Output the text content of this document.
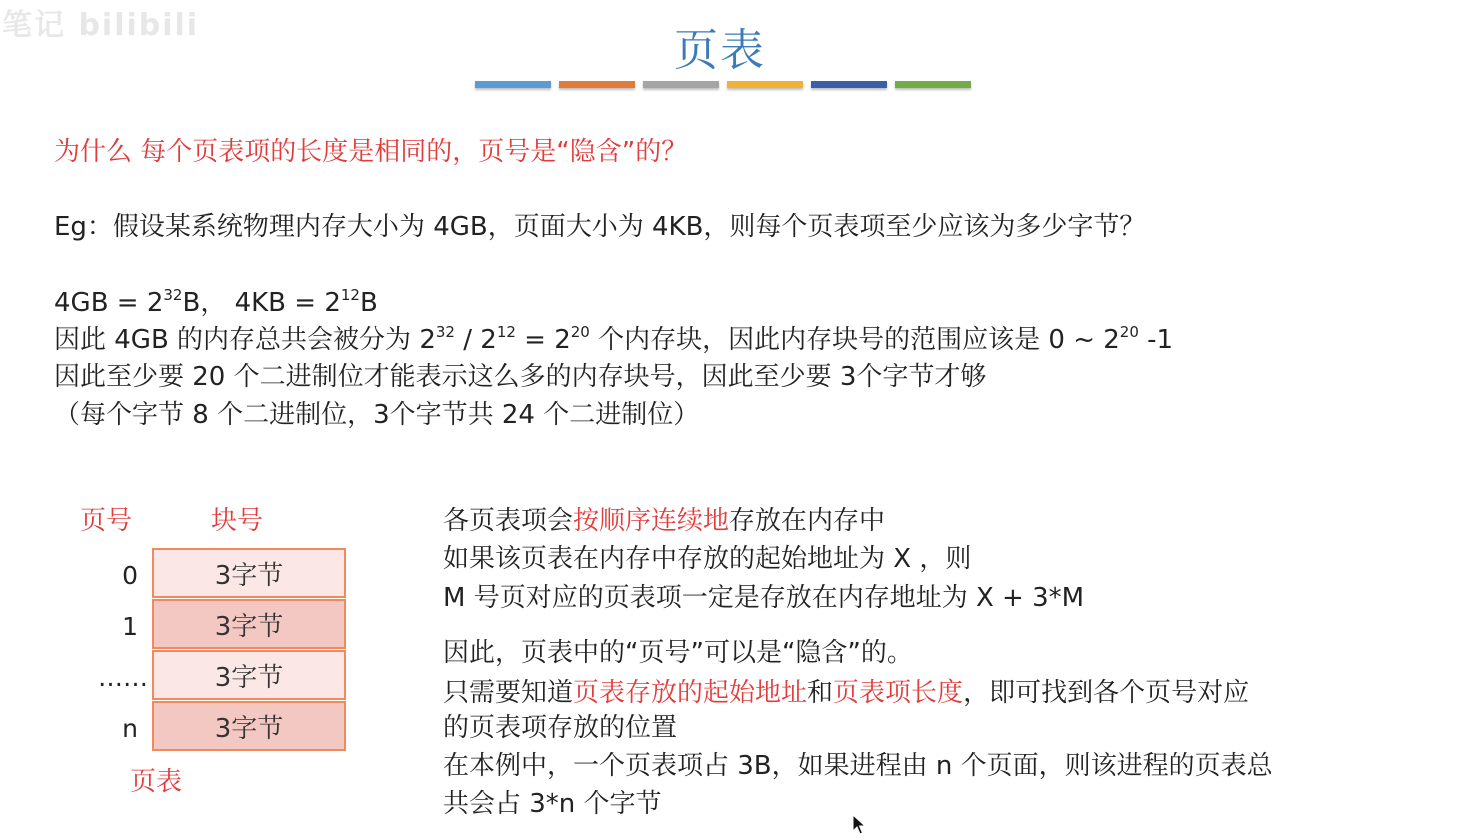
笔记 bilibili	页表
为什么 每个页表项的长度是相同的，页号是“隐含”的？
Eg：假设某系统物理内存大小为 4GB，页面大小为 4KB，则每个页表项至少应该为多少字节？
$4GB = 2^{32}B$， $4KB = 2^{12}B$
因此 4GB 的内存总共会被分为 $2^{32} / 2^{12} = 2^{20}$ 个内存块，因此内存块号的范围应该是 0 ~ $2^{20}$ -1
因此至少要 20 个二进制位才能表示这么多的内存块号，因此至少要 3个字节才够
（每个字节 8 个二进制位，3个字节共 24 个二进制位）
页号	块号
0	3字节
1	3字节
……	3字节
n	3字节
页表
各页表项会按顺序连续地存放在内存中
如果该页表在内存中存放的起始地址为 X ，则
M 号页对应的页表项一定是存放在内存地址为 X + 3*M
因此，页表中的“页号”可以是“隐含”的。
只需要知道页表存放的起始地址和页表项长度，即可找到各个页号对应
的页表项存放的位置
在本例中，一个页表项占 3B，如果进程由 n 个页面，则该进程的页表总
共会占 3*n 个字节
